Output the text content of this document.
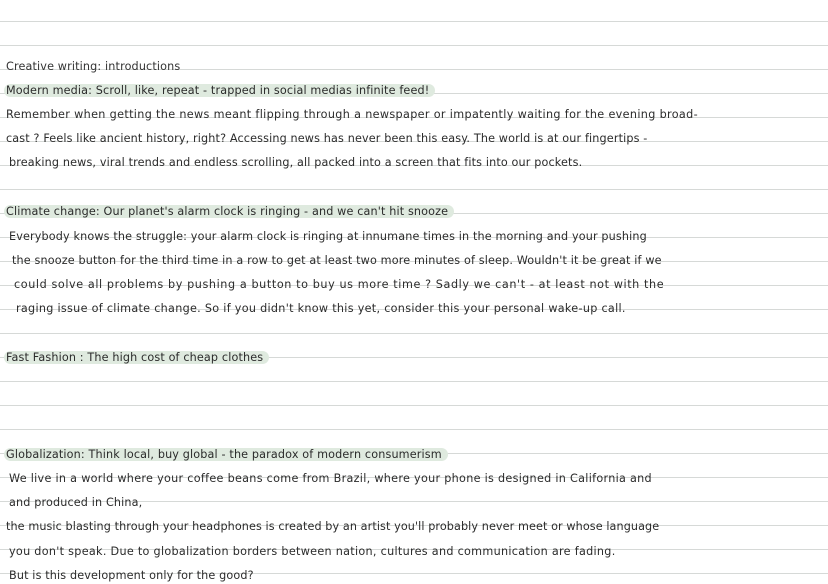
Creative writing: introductions
Modern media: Scroll, like, repeat - trapped in social medias infinite feed!
Remember when getting the news meant flipping through a newspaper or impatently waiting for the evening broad-
cast ? Feels like ancient history, right? Accessing news has never been this easy. The world is at our fingertips -
breaking news, viral trends and endless scrolling, all packed into a screen that fits into our pockets.
Climate change: Our planet's alarm clock is ringing - and we can't hit snooze
Everybody knows the struggle: your alarm clock is ringing at innumane times in the morning and your pushing
the snooze button for the third time in a row to get at least two more minutes of sleep. Wouldn't it be great if we
could solve all problems by pushing a button to buy us more time ? Sadly we can't - at least not with the
raging issue of climate change. So if you didn't know this yet, consider this your personal wake-up call.
Fast Fashion : The high cost of cheap clothes
Globalization: Think local, buy global - the paradox of modern consumerism
We live in a world where your coffee beans come from Brazil, where your phone is designed in California and
and produced in China,
the music blasting through your headphones is created by an artist you'll probably never meet or whose language
you don't speak. Due to globalization borders between nation, cultures and communication are fading.
But is this development only for the good?
